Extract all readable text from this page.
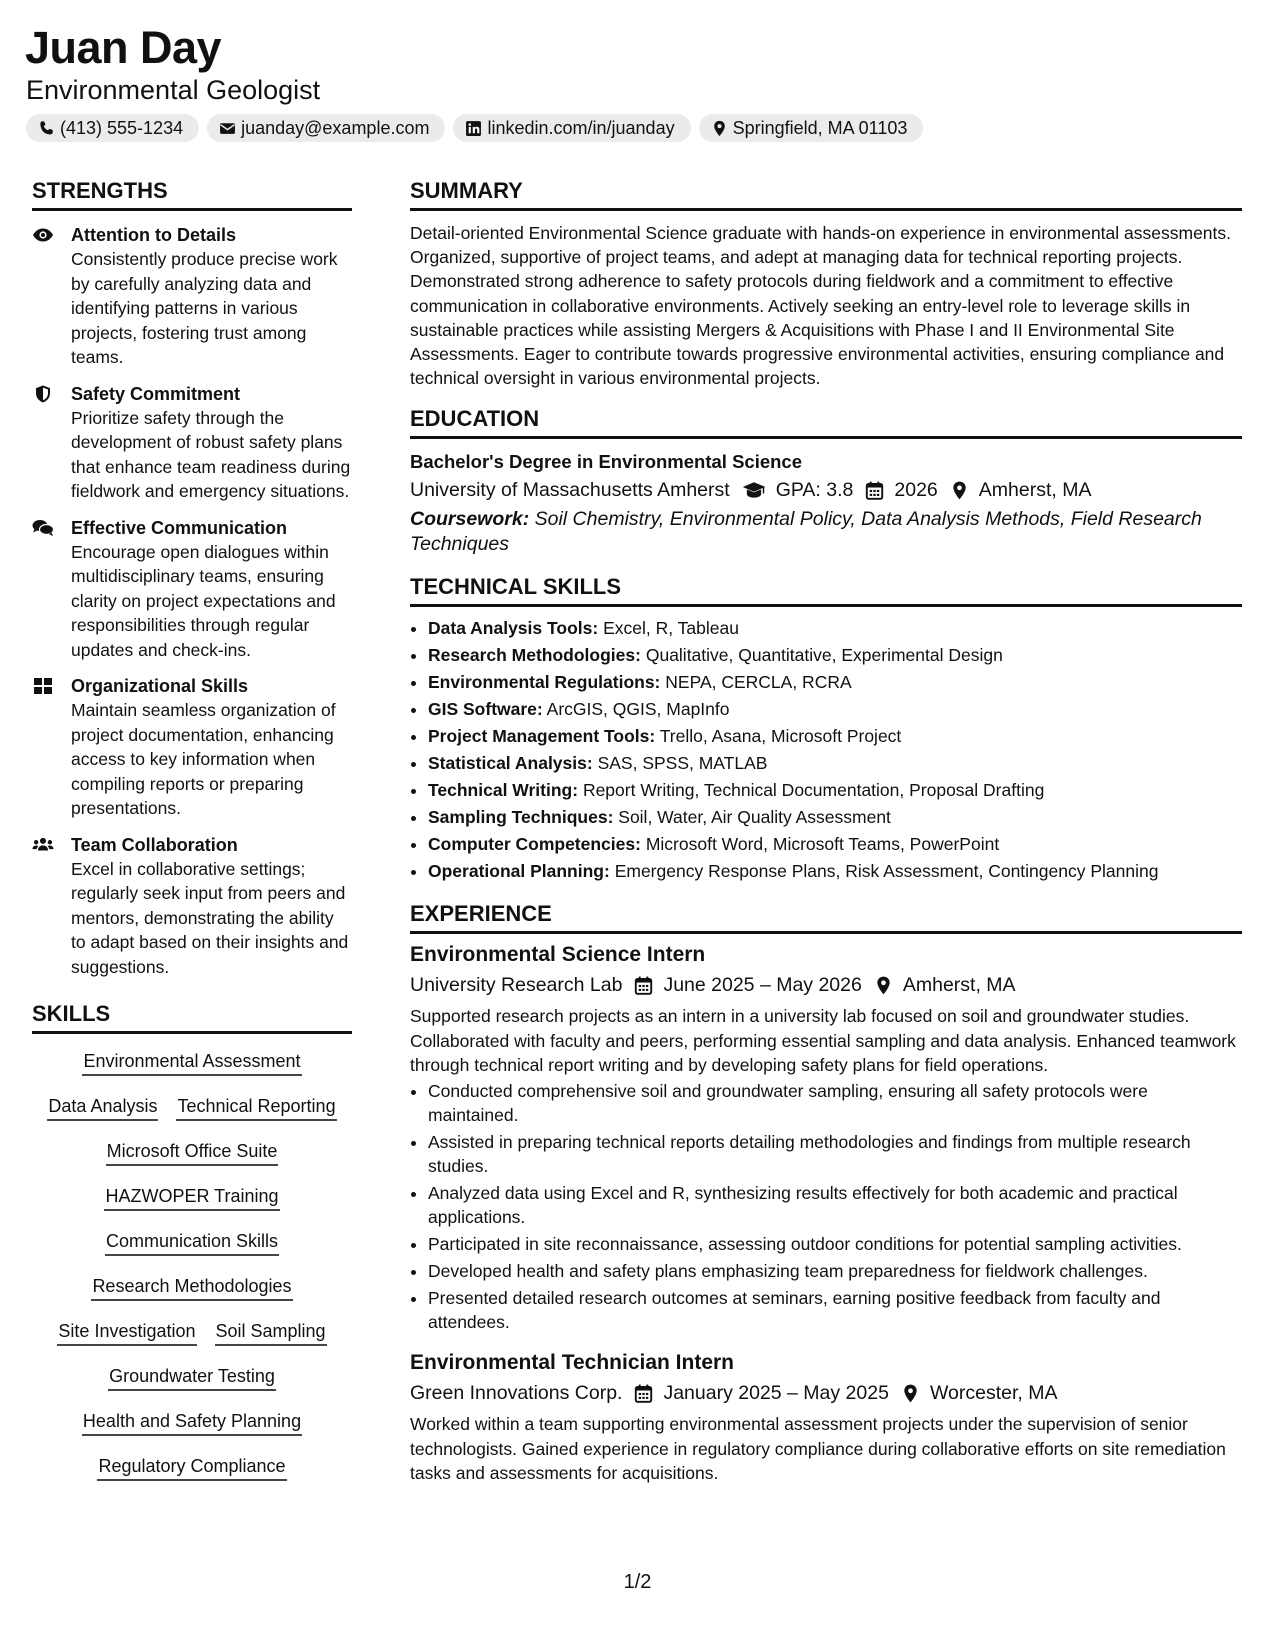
Juan Day
Environmental Geologist
(413) 555-1234	juanday@example.com	linkedin.com/in/juanday	Springfield, MA 01103
STRENGTHS
Attention to Details
Consistently produce precise work by carefully analyzing data and identifying patterns in various projects, fostering trust among teams.
Safety Commitment
Prioritize safety through the development of robust safety plans that enhance team readiness during fieldwork and emergency situations.
Effective Communication
Encourage open dialogues within multidisciplinary teams, ensuring clarity on project expectations and responsibilities through regular updates and check-ins.
Organizational Skills
Maintain seamless organization of project documentation, enhancing access to key information when compiling reports or preparing presentations.
Team Collaboration
Excel in collaborative settings; regularly seek input from peers and mentors, demonstrating the ability to adapt based on their insights and suggestions.
SKILLS
Environmental Assessment
Data Analysis Technical Reporting
Microsoft Office Suite
HAZWOPER Training
Communication Skills
Research Methodologies
Site Investigation Soil Sampling
Groundwater Testing
Health and Safety Planning
Regulatory Compliance
SUMMARY

Detail-oriented Environmental Science graduate with hands-on experience in environmental assessments. Organized, supportive of project teams, and adept at managing data for technical reporting projects. Demonstrated strong adherence to safety protocols during fieldwork and a commitment to effective communication in collaborative environments. Actively seeking an entry-level role to leverage skills in sustainable practices while assisting Mergers & Acquisitions with Phase I and II Environmental Site Assessments. Eager to contribute towards progressive environmental activities, ensuring compliance and technical oversight in various environmental projects.

EDUCATION
Bachelor's Degree in Environmental Science
University of Massachusetts Amherst GPA: 3.8 2026 Amherst, MA
Coursework: Soil Chemistry, Environmental Policy, Data Analysis Methods, Field Research Techniques
TECHNICAL SKILLS
• Data Analysis Tools: Excel, R, Tableau
• Research Methodologies: Qualitative, Quantitative, Experimental Design
• Environmental Regulations: NEPA, CERCLA, RCRA
• GIS Software: ArcGIS, QGIS, MapInfo
• Project Management Tools: Trello, Asana, Microsoft Project
• Statistical Analysis: SAS, SPSS, MATLAB
• Technical Writing: Report Writing, Technical Documentation, Proposal Drafting
• Sampling Techniques: Soil, Water, Air Quality Assessment
• Computer Competencies: Microsoft Word, Microsoft Teams, PowerPoint
• Operational Planning: Emergency Response Plans, Risk Assessment, Contingency Planning
EXPERIENCE
Environmental Science Intern
University Research Lab June 2025 – May 2026 Amherst, MA
Supported research projects as an intern in a university lab focused on soil and groundwater studies. Collaborated with faculty and peers, performing essential sampling and data analysis. Enhanced teamwork through technical report writing and by developing safety plans for field operations.
• Conducted comprehensive soil and groundwater sampling, ensuring all safety protocols were maintained.
• Assisted in preparing technical reports detailing methodologies and findings from multiple research studies.
• Analyzed data using Excel and R, synthesizing results effectively for both academic and practical applications.
• Participated in site reconnaissance, assessing outdoor conditions for potential sampling activities.
• Developed health and safety plans emphasizing team preparedness for fieldwork challenges.
• Presented detailed research outcomes at seminars, earning positive feedback from faculty and attendees.
Environmental Technician Intern
Green Innovations Corp. January 2025 – May 2025 Worcester, MA
Worked within a team supporting environmental assessment projects under the supervision of senior technologists. Gained experience in regulatory compliance during collaborative efforts on site remediation tasks and assessments for acquisitions.
1/2
